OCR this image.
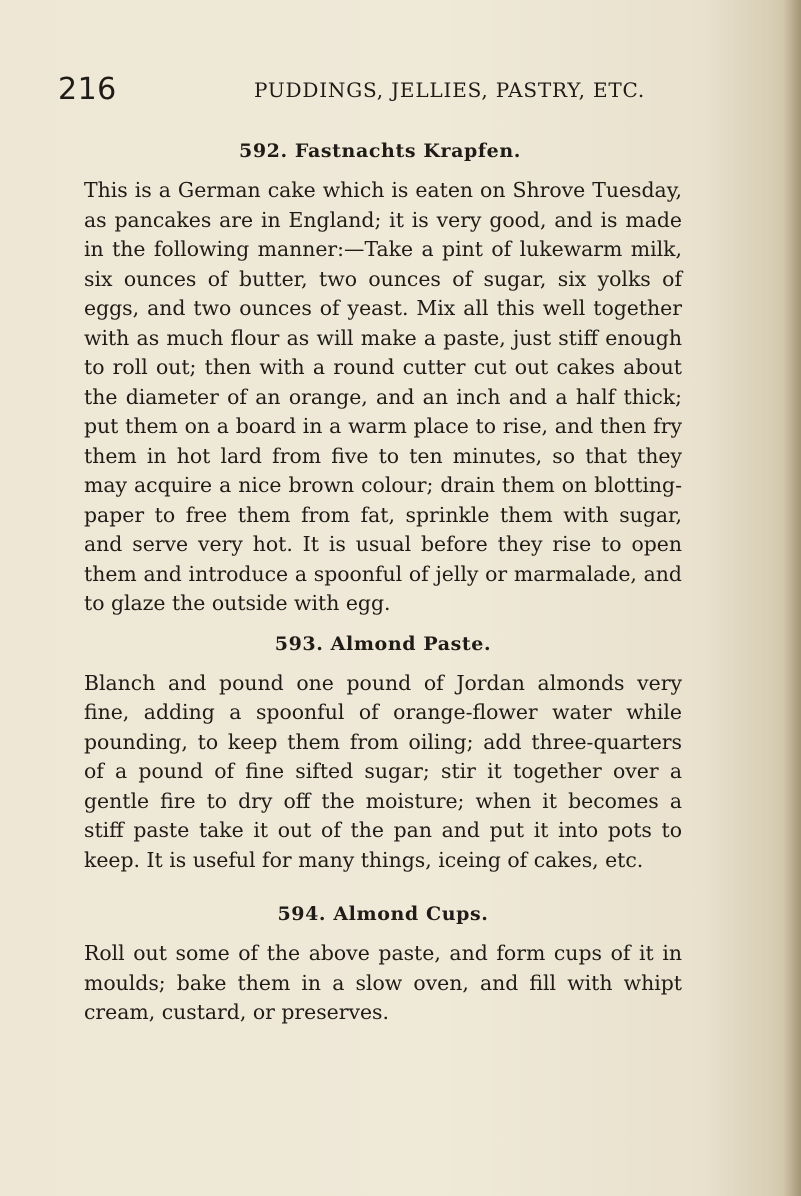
216	PUDDINGS, JELLIES, PASTRY, ETC.
592. Fastnachts Krapfen.

This is a German cake which is eaten on Shrove Tuesday, as pancakes are in England; it is very good, and is made in the following manner:—Take a pint of lukewarm milk, six ounces of butter, two ounces of sugar, six yolks of eggs, and two ounces of yeast. Mix all this well together with as much flour as will make a paste, just stiff enough to roll out; then with a round cutter cut out cakes about the diameter of an orange, and an inch and a half thick; put them on a board in a warm place to rise, and then fry them in hot lard from five to ten minutes, so that they may acquire a nice brown colour; drain them on blotting-paper to free them from fat, sprinkle them with sugar, and serve very hot. It is usual before they rise to open them and introduce a spoonful of jelly or marmalade, and to glaze the outside with egg.

593. Almond Paste.

Blanch and pound one pound of Jordan almonds very fine, adding a spoonful of orange-flower water while pounding, to keep them from oiling; add three-quarters of a pound of fine sifted sugar; stir it together over a gentle fire to dry off the moisture; when it becomes a stiff paste take it out of the pan and put it into pots to keep. It is useful for many things, iceing of cakes, etc.

594. Almond Cups.

Roll out some of the above paste, and form cups of it in moulds; bake them in a slow oven, and fill with whipt cream, custard, or preserves.
